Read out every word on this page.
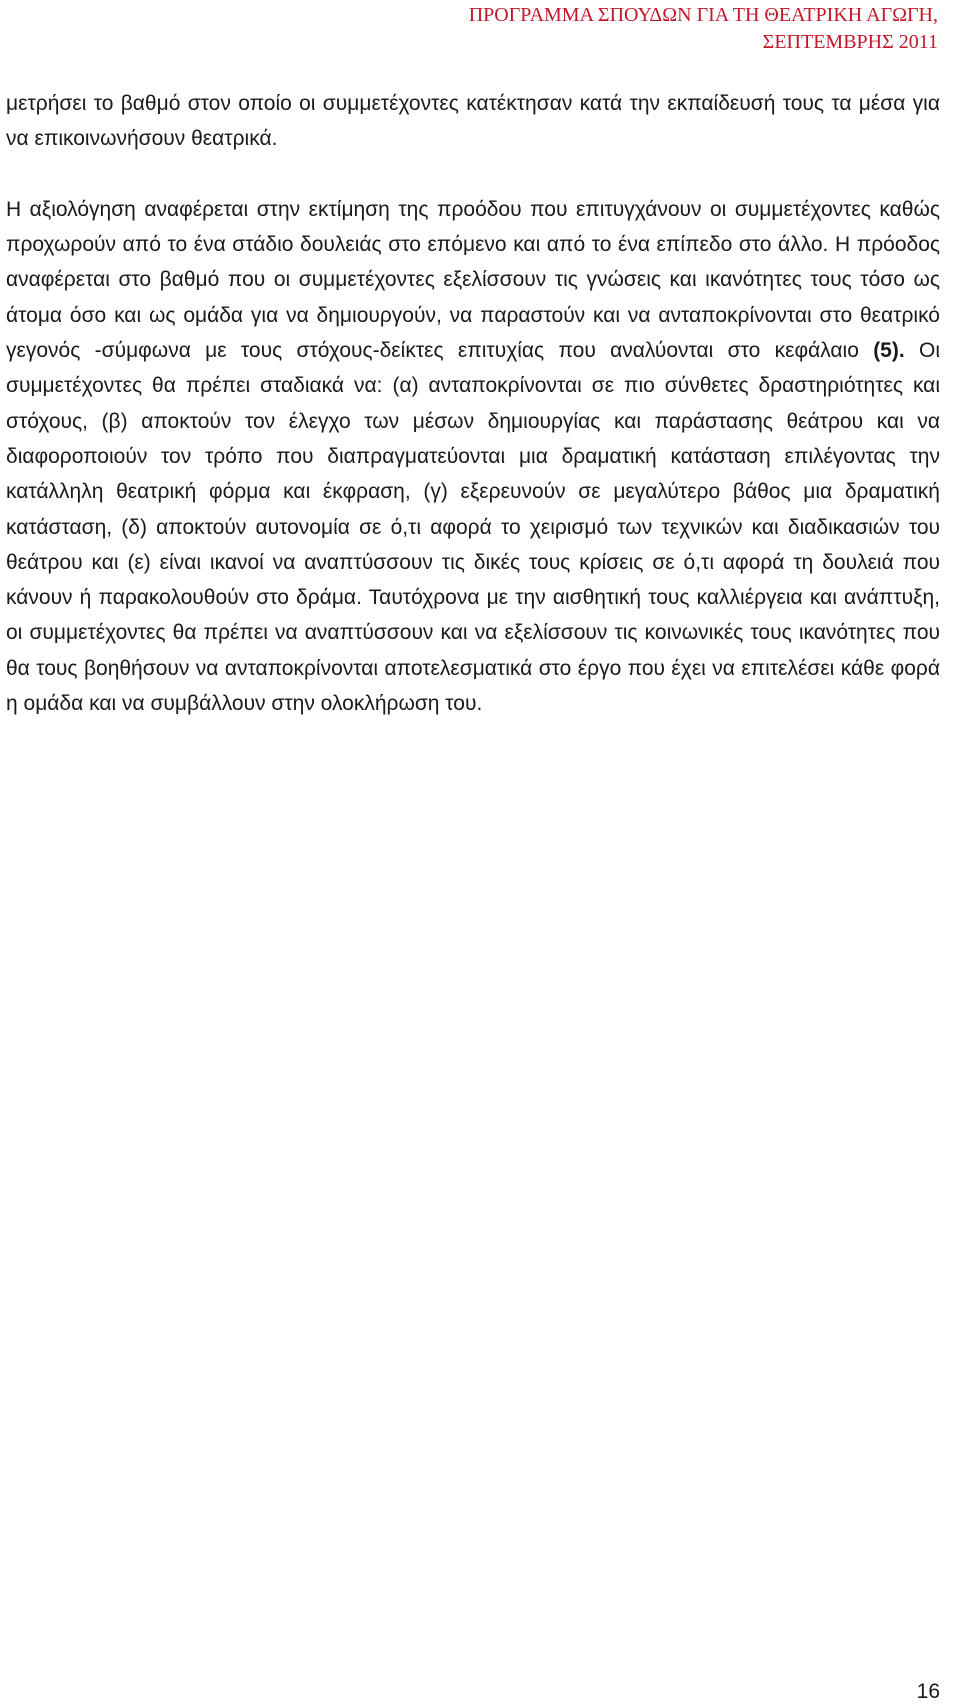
ΠΡΟΓΡΑΜΜΑ ΣΠΟΥΔΩΝ ΓΙΑ ΤΗ ΘΕΑΤΡΙΚΗ ΑΓΩΓΗ,
ΣΕΠΤΕΜΒΡΗΣ 2011

μετρήσει το βαθμό στον οποίο οι συμμετέχοντες κατέκτησαν κατά την εκπαίδευσή τους τα μέσα για να επικοινωνήσουν θεατρικά.

Η αξιολόγηση αναφέρεται στην εκτίμηση της προόδου που επιτυγχάνουν οι συμμετέχοντες καθώς προχωρούν από το ένα στάδιο δουλειάς στο επόμενο και από το ένα επίπεδο στο άλλο. Η πρόοδος αναφέρεται στο βαθμό που οι συμμετέχοντες εξελίσσουν τις γνώσεις και ικανότητες τους τόσο ως άτομα όσο και ως ομάδα για να δημιουργούν, να παραστούν και να ανταποκρίνονται στο θεατρικό γεγονός -σύμφωνα με τους στόχους-δείκτες επιτυχίας που αναλύονται στο κεφάλαιο (5). Οι συμμετέχοντες θα πρέπει σταδιακά να: (α) ανταποκρίνονται σε πιο σύνθετες δραστηριότητες και στόχους, (β) αποκτούν τον έλεγχο των μέσων δημιουργίας και παράστασης θεάτρου και να διαφοροποιούν τον τρόπο που διαπραγματεύονται μια δραματική κατάσταση επιλέγοντας την κατάλληλη θεατρική φόρμα και έκφραση, (γ) εξερευνούν σε μεγαλύτερο βάθος μια δραματική κατάσταση, (δ) αποκτούν αυτονομία σε ό,τι αφορά το χειρισμό των τεχνικών και διαδικασιών του θεάτρου και (ε) είναι ικανοί να αναπτύσσουν τις δικές τους κρίσεις σε ό,τι αφορά τη δουλειά που κάνουν ή παρακολουθούν στο δράμα. Ταυτόχρονα με την αισθητική τους καλλιέργεια και ανάπτυξη, οι συμμετέχοντες θα πρέπει να αναπτύσσουν και να εξελίσσουν τις κοινωνικές τους ικανότητες που θα τους βοηθήσουν να ανταποκρίνονται αποτελεσματικά στο έργο που έχει να επιτελέσει κάθε φορά η ομάδα και να συμβάλλουν στην ολοκλήρωση του.

16
